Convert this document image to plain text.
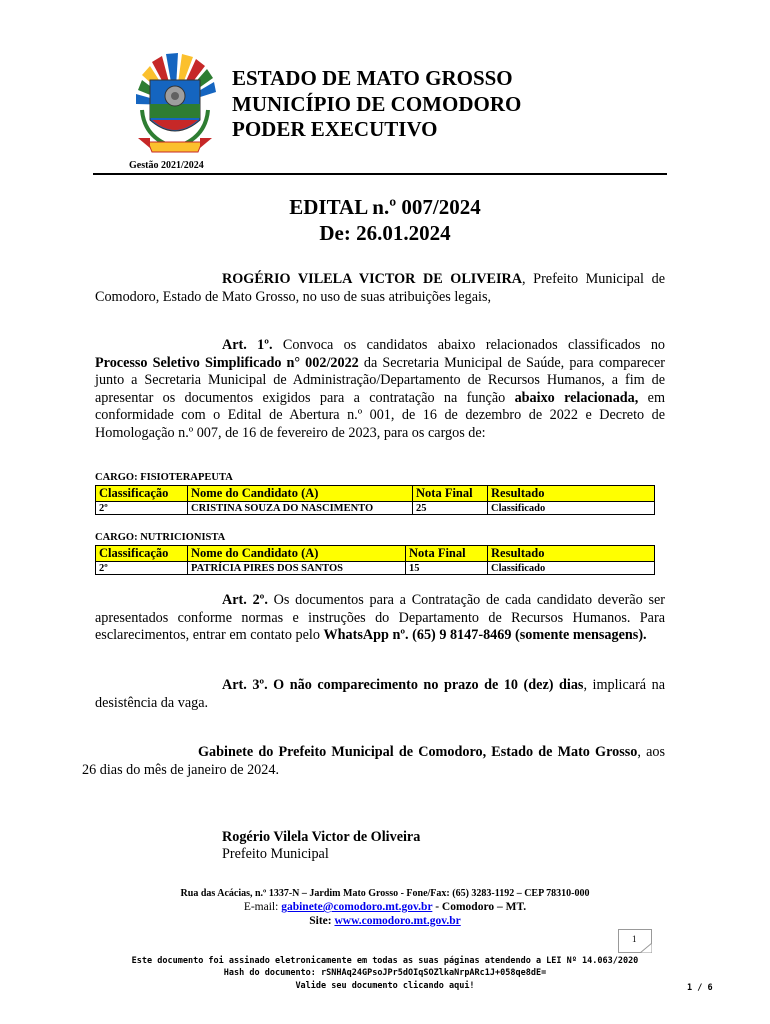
ESTADO DE MATO GROSSO
MUNICÍPIO DE COMODORO
PODER EXECUTIVO
Gestão 2021/2024
EDITAL n.º 007/2024
De: 26.01.2024
ROGÉRIO VILELA VICTOR DE OLIVEIRA, Prefeito Municipal de Comodoro, Estado de Mato Grosso, no uso de suas atribuições legais,
Art. 1º. Convoca os candidatos abaixo relacionados classificados no Processo Seletivo Simplificado n° 002/2022 da Secretaria Municipal de Saúde, para comparecer junto a Secretaria Municipal de Administração/Departamento de Recursos Humanos, a fim de apresentar os documentos exigidos para a contratação na função abaixo relacionada, em conformidade com o Edital de Abertura n.º 001, de 16 de dezembro de 2022 e Decreto de Homologação n.º 007, de 16 de fevereiro de 2023, para os cargos de:
CARGO: FISIOTERAPEUTA
Classificação	Nome do Candidato (A)	Nota Final	Resultado
2º	CRISTINA SOUZA DO NASCIMENTO	25	Classificado
CARGO: NUTRICIONISTA
Classificação	Nome do Candidato (A)	Nota Final	Resultado
2º	PATRÍCIA PIRES DOS SANTOS	15	Classificado
Art. 2º. Os documentos para a Contratação de cada candidato deverão ser apresentados conforme normas e instruções do Departamento de Recursos Humanos. Para esclarecimentos, entrar em contato pelo WhatsApp nº. (65) 9 8147-8469 (somente mensagens).
Art. 3º. O não comparecimento no prazo de 10 (dez) dias, implicará na desistência da vaga.
Gabinete do Prefeito Municipal de Comodoro, Estado de Mato Grosso, aos 26 dias do mês de janeiro de 2024.
Rogério Vilela Victor de Oliveira
Prefeito Municipal
Rua das Acácias, n.º 1337-N – Jardim Mato Grosso - Fone/Fax: (65) 3283-1192 – CEP 78310-000
E-mail: gabinete@comodoro.mt.gov.br - Comodoro – MT.
Site: www.comodoro.mt.gov.br
1
Este documento foi assinado eletronicamente em todas as suas páginas atendendo a LEI Nº 14.063/2020
Hash do documento: rSNHAq24GPsoJPr5dOIqSOZlkaNrpARc1J+058qe8dE=
Valide seu documento clicando aqui!	1 / 6
